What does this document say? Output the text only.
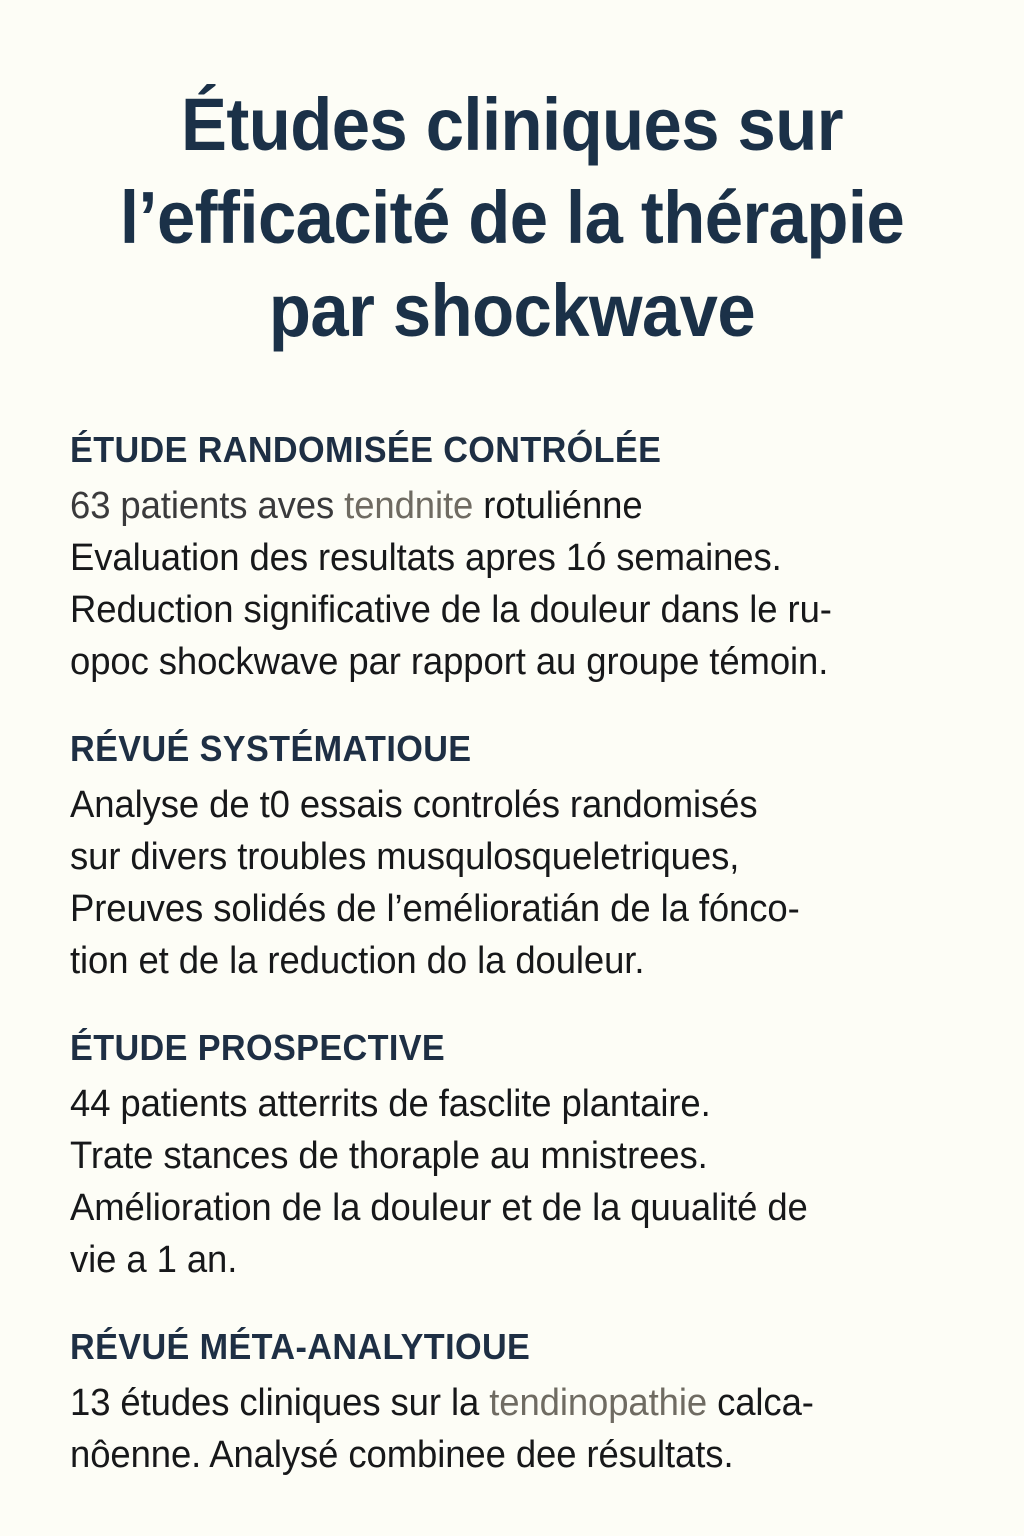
Études cliniques sur
l’efficacité de la thérapie
par shockwave
ÉTUDE RANDOMISÉE CONTRÓLÉE
63 patients aves tendnite rotuliénne
Evaluation des resultats apres 1ó semaines.
Reduction significative de la douleur dans le ru-
opoc shockwave par rapport au groupe témoin.
RÉVUÉ SYSTÉMATIOUE
Analyse de t0 essais controlés randomisés
sur divers troubles musqulosqueletriques,
Preuves solidés de l’emélioratián de la fónco-
tion et de la reduction do la douleur.
ÉTUDE PROSPECTIVE
44 patients atterrits de fasclite plantaire.
Trate stances de thoraple au mnistrees.
Amélioration de la douleur et de la quualité de
vie a 1 an.
RÉVUÉ MÉTA-ANALYTIOUE
13 études cliniques sur la tendinopathie calca-
nôenne. Analysé combinee dee résultats.
